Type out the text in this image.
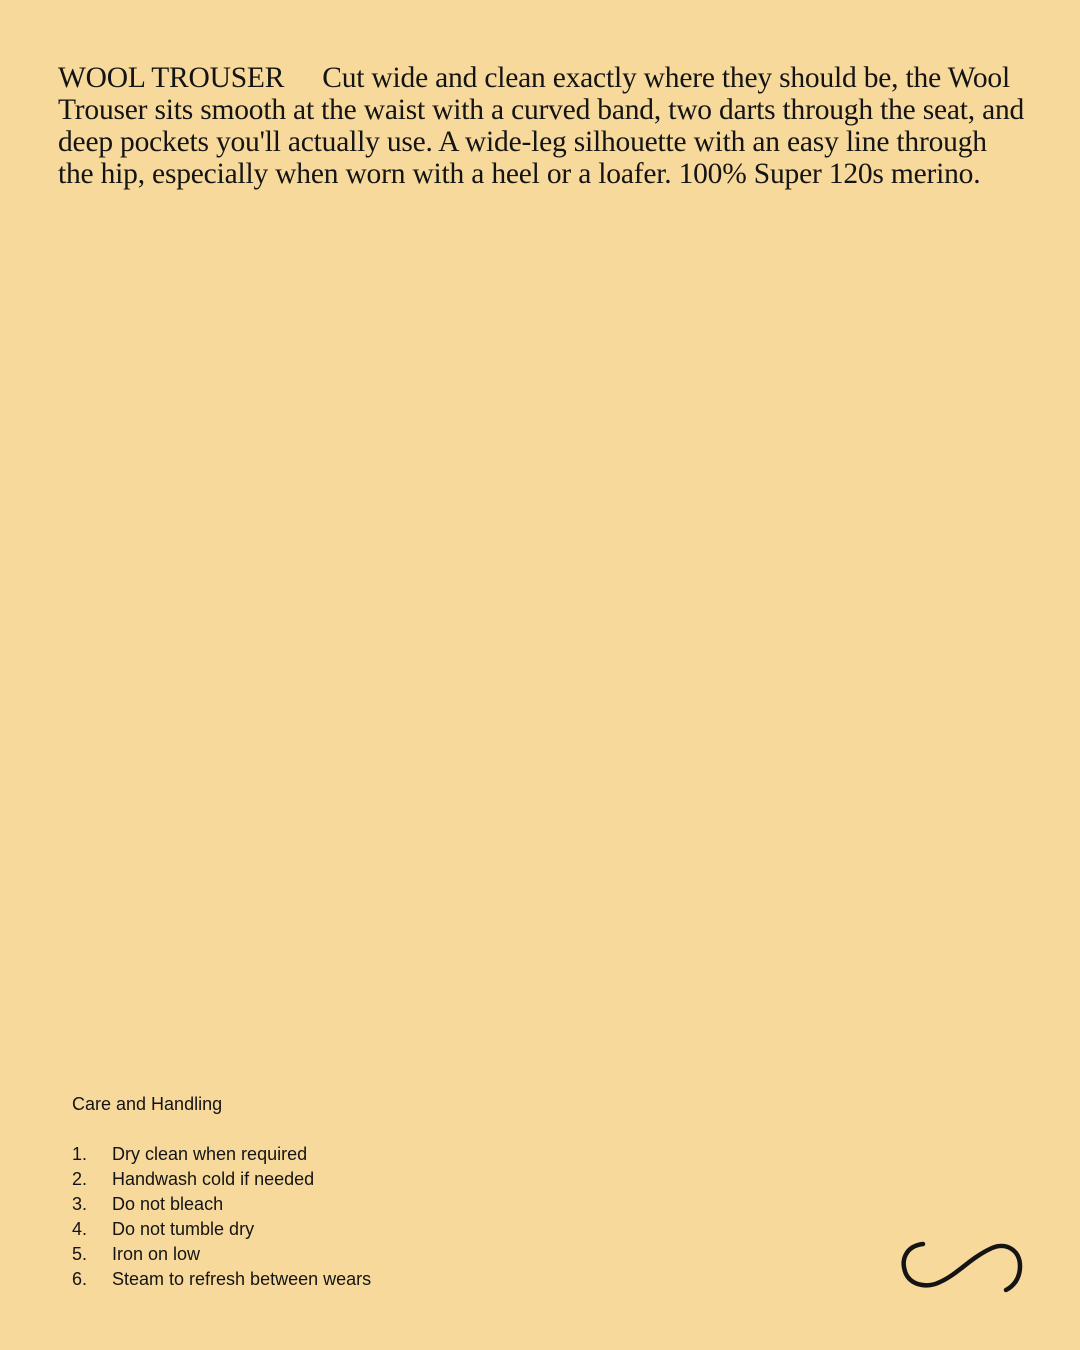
WOOL TROUSER Cut wide and clean exactly where they should be, the Wool Trouser sits smooth at the waist with a curved band, two darts through the seat, and deep pockets you'll actually use. A wide-leg silhouette with an easy line through the hip, especially when worn with a heel or a loafer. 100% Super 120s merino.

Care and Handling
1.	Dry clean when required
2.	Handwash cold if needed
3.	Do not bleach
4.	Do not tumble dry
5.	Iron on low
6.	Steam to refresh between wears
